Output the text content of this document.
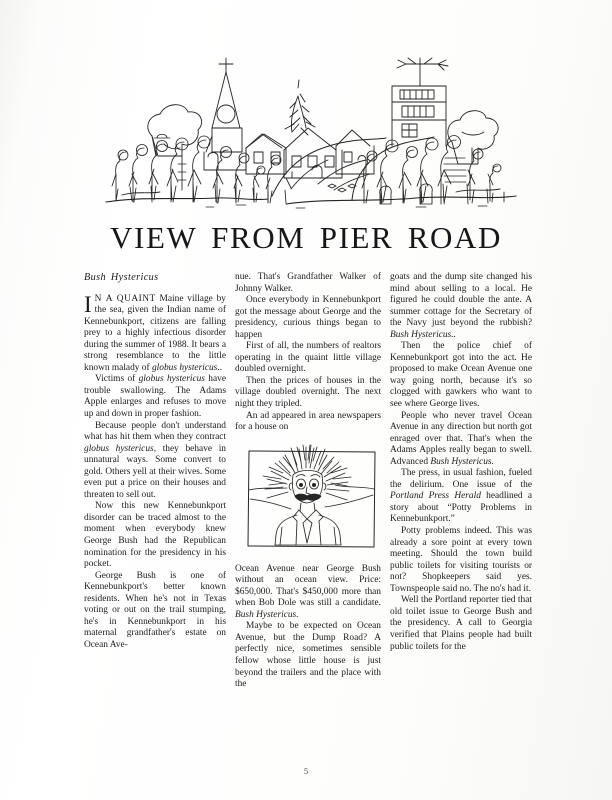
VIEW FROM PIER ROAD
Bush Hystericus

I N A QUAINT Maine village by the sea, given the Indian name of Kennebunkport, citizens are falling prey to a highly infectious disorder during the summer of 1988. It bears a strong resemblance to the little known malady of globus hystericus..

Victims of globus hystericus have trouble swallowing. The Adams Apple enlarges and refuses to move up and down in proper fashion.

Because people don't understand what has hit them when they contract globus hystericus, they behave in unnatural ways. Some convert to gold. Others yell at their wives. Some even put a price on their houses and threaten to sell out.

Now this new Kennebunkport disorder can be traced almost to the moment when everybody knew George Bush had the Republican nomination for the presidency in his pocket.

George Bush is one of Kennebunkport's better known residents. When he's not in Texas voting or out on the trail stumping, he's in Kennebunkport in his maternal grandfather's estate on Ocean Ave-

nue. That's Grandfather Walker of Johnny Walker.

Once everybody in Kennebunkport got the message about George and the presidency, curious things began to happen

First of all, the numbers of realtors operating in the quaint little village doubled overnight.

Then the prices of houses in the village doubled overnight. The next night they tripled.

An ad appeared in area newspapers for a house on

Ocean Avenue near George Bush without an ocean view. Price: $650,000. That's $450,000 more than when Bob Dole was still a candidate. Bush Hystericus.

Maybe to be expected on Ocean Avenue, but the Dump Road? A perfectly nice, sometimes sensible fellow whose little house is just beyond the trailers and the place with the

goats and the dump site changed his mind about selling to a local. He figured he could double the ante. A summer cottage for the Secretary of the Navy just beyond the rubbish? Bush Hystericus..

Then the police chief of Kennebunkport got into the act. He proposed to make Ocean Avenue one way going north, because it's so clogged with gawkers who want to see where George lives.

People who never travel Ocean Avenue in any direction but north got enraged over that. That's when the Adams Apples really began to swell. Advanced Bush Hystericus.

The press, in usual fashion, fueled the delirium. One issue of the Portland Press Herald headlined a story about “Potty Problems in Kennebunkport.”

Potty problems indeed. This was already a sore point at every town meeting. Should the town build public toilets for visiting tourists or not? Shopkeepers said yes. Townspeople said no. The no's had it.

Well the Portland reporter tied that old toilet issue to George Bush and the presidency. A call to Georgia verified that Plains people had built public toilets for the

5
